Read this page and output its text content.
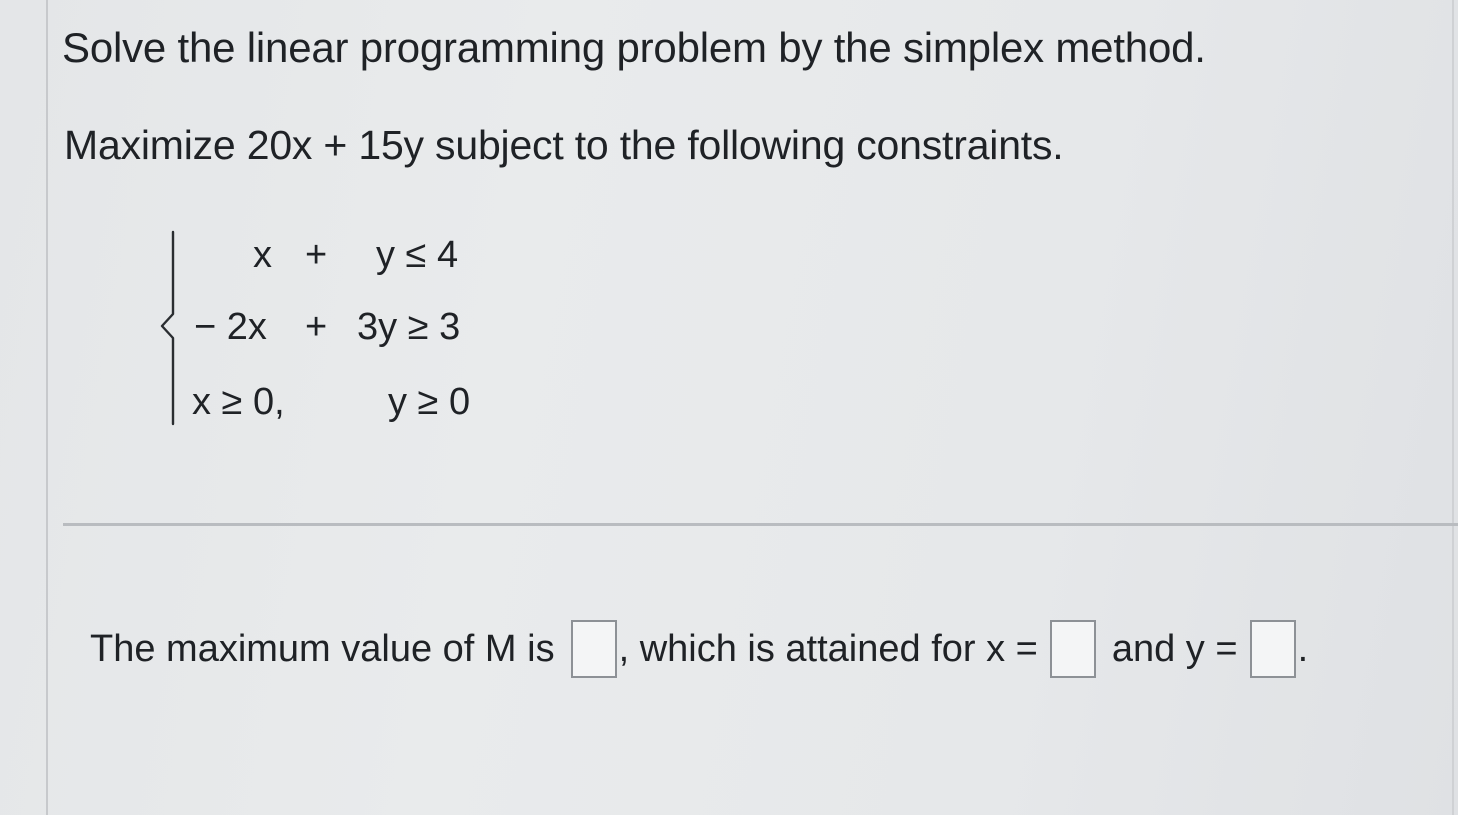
Solve the linear programming problem by the simplex method.
Maximize 20x + 15y subject to the following constraints.
x + y ≤ 4
− 2x + 3y ≥ 3
x ≥ 0,	y ≥ 0
The maximum value of M is , which is attained for x = and y = .
